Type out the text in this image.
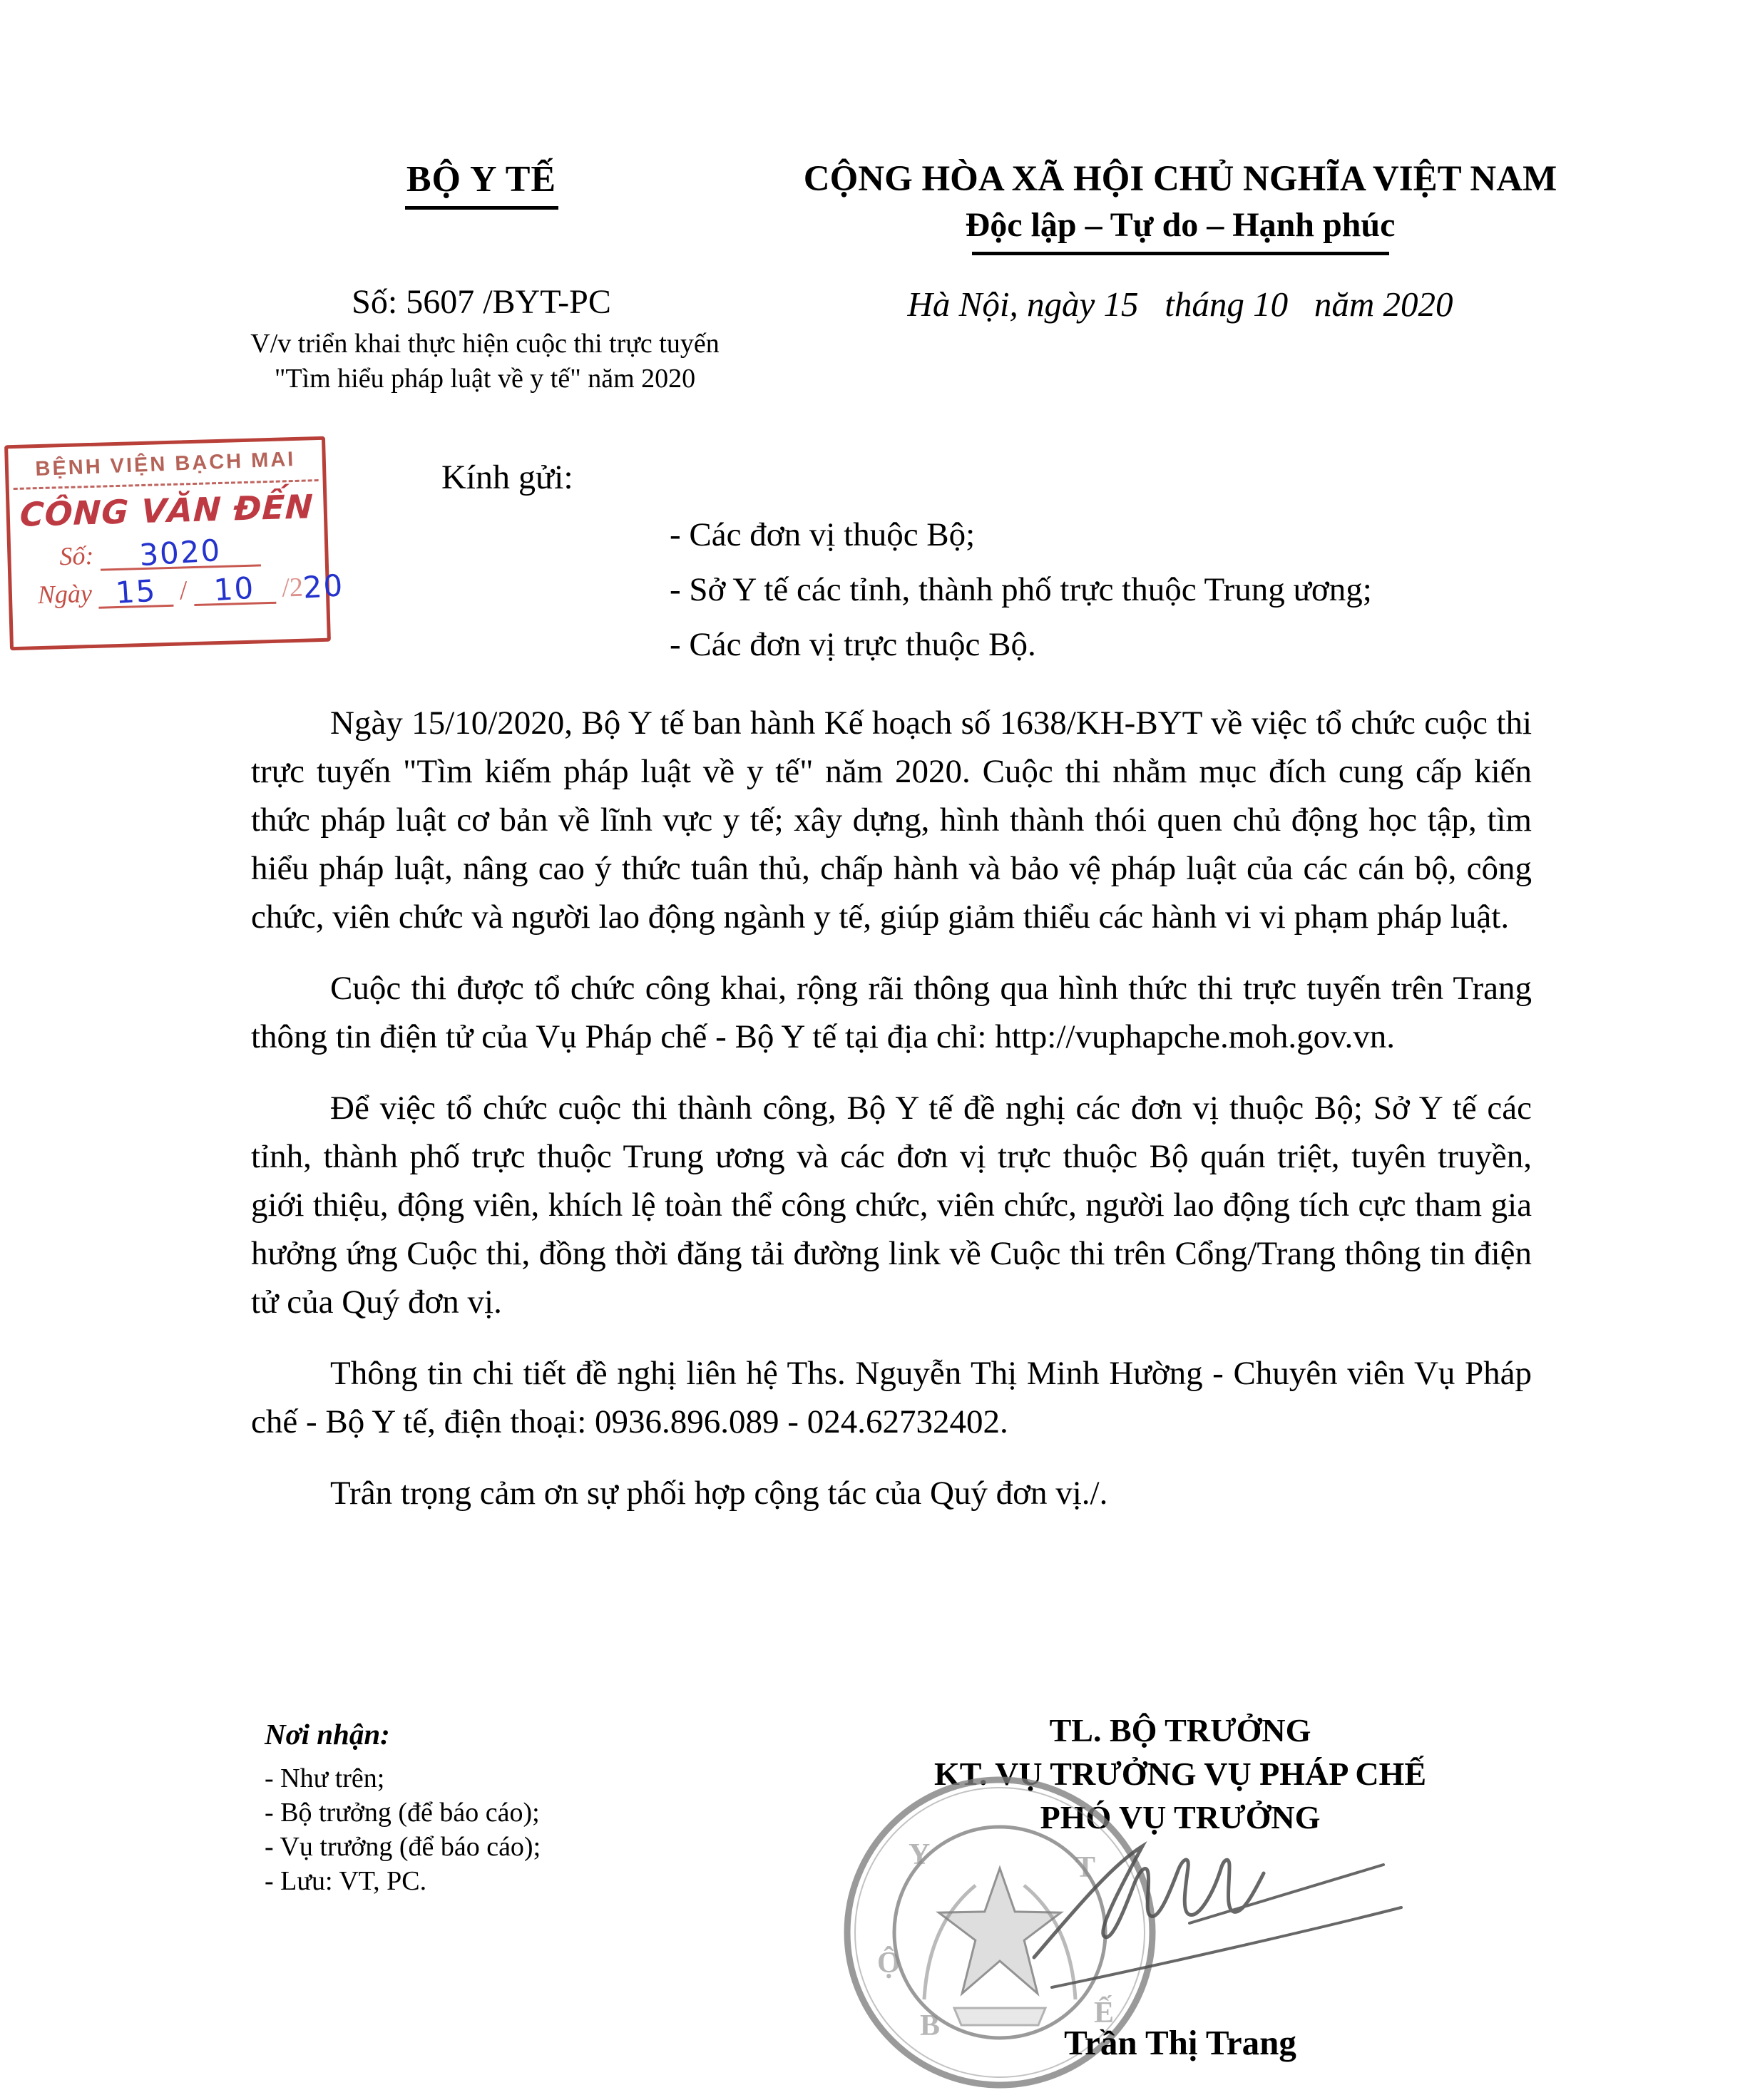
BỘ Y TẾ
Số: 5607 /BYT-PC
V/v triển khai thực hiện cuộc thi trực tuyến
"Tìm hiểu pháp luật về y tế" năm 2020
CỘNG HÒA XÃ HỘI CHỦ NGHĨA VIỆT NAM
Độc lập – Tự do – Hạnh phúc
Hà Nội, ngày 15   tháng 10   năm 2020
BỆNH VIỆN BẠCH MAI
CÔNG VĂN ĐẾN
Số: 3020
Ngày 15 / 10 /220
Kính gửi:
- Các đơn vị thuộc Bộ;
- Sở Y tế các tỉnh, thành phố trực thuộc Trung ương;
- Các đơn vị trực thuộc Bộ.

Ngày 15/10/2020, Bộ Y tế ban hành Kế hoạch số 1638/KH-BYT về việc tổ chức cuộc thi trực tuyến "Tìm kiếm pháp luật về y tế" năm 2020. Cuộc thi nhằm mục đích cung cấp kiến thức pháp luật cơ bản về lĩnh vực y tế; xây dựng, hình thành thói quen chủ động học tập, tìm hiểu pháp luật, nâng cao ý thức tuân thủ, chấp hành và bảo vệ pháp luật của các cán bộ, công chức, viên chức và người lao động ngành y tế, giúp giảm thiểu các hành vi vi phạm pháp luật.

Cuộc thi được tổ chức công khai, rộng rãi thông qua hình thức thi trực tuyến trên Trang thông tin điện tử của Vụ Pháp chế - Bộ Y tế tại địa chỉ: http://vuphapche.moh.gov.vn.

Để việc tổ chức cuộc thi thành công, Bộ Y tế đề nghị các đơn vị thuộc Bộ; Sở Y tế các tỉnh, thành phố trực thuộc Trung ương và các đơn vị trực thuộc Bộ quán triệt, tuyên truyền, giới thiệu, động viên, khích lệ toàn thể công chức, viên chức, người lao động tích cực tham gia hưởng ứng Cuộc thi, đồng thời đăng tải đường link về Cuộc thi trên Cổng/Trang thông tin điện tử của Quý đơn vị.

Thông tin chi tiết đề nghị liên hệ Ths. Nguyễn Thị Minh Hường - Chuyên viên Vụ Pháp chế - Bộ Y tế, điện thoại: 0936.896.089 - 024.62732402.

Trân trọng cảm ơn sự phối hợp cộng tác của Quý đơn vị./.

Nơi nhận:
- Như trên;
- Bộ trưởng (để báo cáo);
- Vụ trưởng (để báo cáo);
- Lưu: VT, PC.
TL. BỘ TRƯỞNG
KT. VỤ TRƯỞNG VỤ PHÁP CHẾ
PHÓ VỤ TRƯỞNG
B
Ộ
Y	T
Ế
Trần Thị Trang
